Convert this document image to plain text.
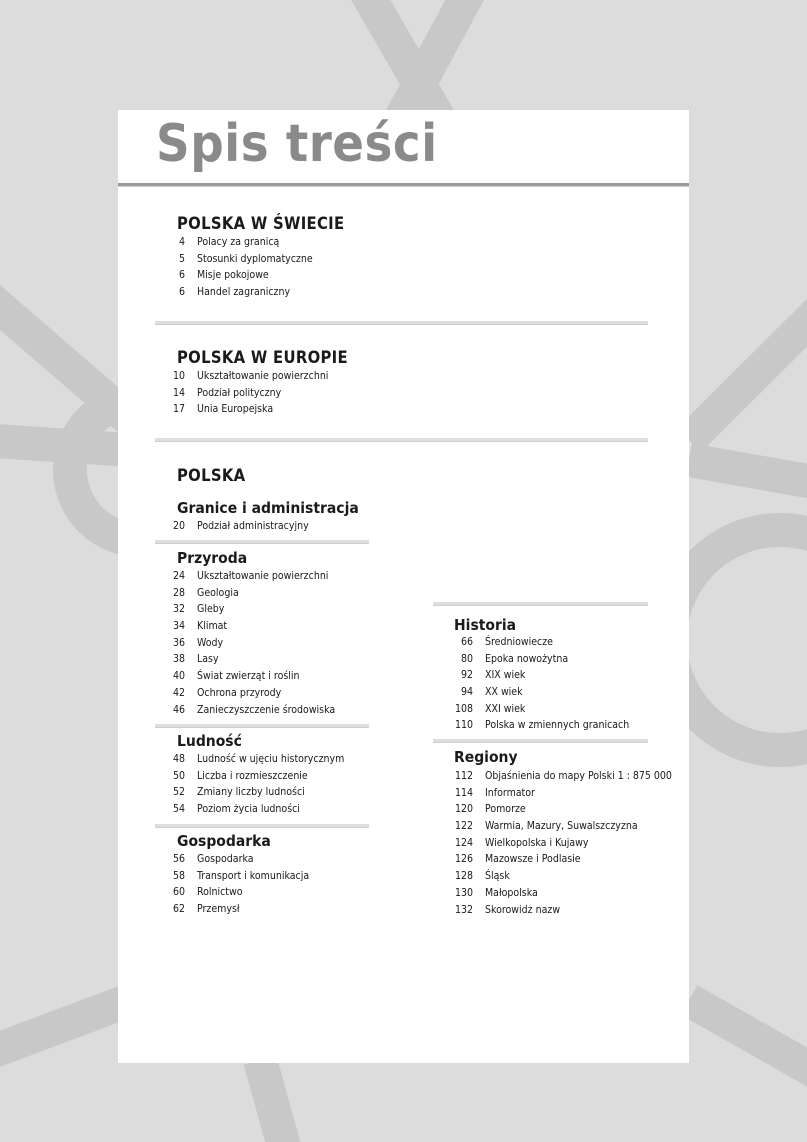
Spis treści
POLSKA W ŚWIECIE
4 Polacy za granicą
5 Stosunki dyplomatyczne
6 Misje pokojowe
6 Handel zagraniczny
POLSKA W EUROPIE
10 Ukształtowanie powierzchni
14 Podział polityczny
17 Unia Europejska
POLSKA
Granice i administracja
20 Podział administracyjny
Przyroda
24 Ukształtowanie powierzchni
28 Geologia
32 Gleby
34 Klimat
36 Wody
38 Lasy
40 Świat zwierząt i roślin
42 Ochrona przyrody
46 Zanieczyszczenie środowiska
Ludność
48 Ludność w ujęciu historycznym
50 Liczba i rozmieszczenie
52 Zmiany liczby ludności
54 Poziom życia ludności
Gospodarka
56 Gospodarka
58 Transport i komunikacja
60 Rolnictwo
62 Przemysł
Historia
66 Średniowiecze
80 Epoka nowożytna
92 XIX wiek
94 XX wiek
108 XXI wiek
110 Polska w zmiennych granicach
Regiony
112 Objaśnienia do mapy Polski 1 : 875 000
114 Informator
120 Pomorze
122 Warmia, Mazury, Suwalszczyzna
124 Wielkopolska i Kujawy
126 Mazowsze i Podlasie
128 Śląsk
130 Małopolska
132 Skorowidz nazw
